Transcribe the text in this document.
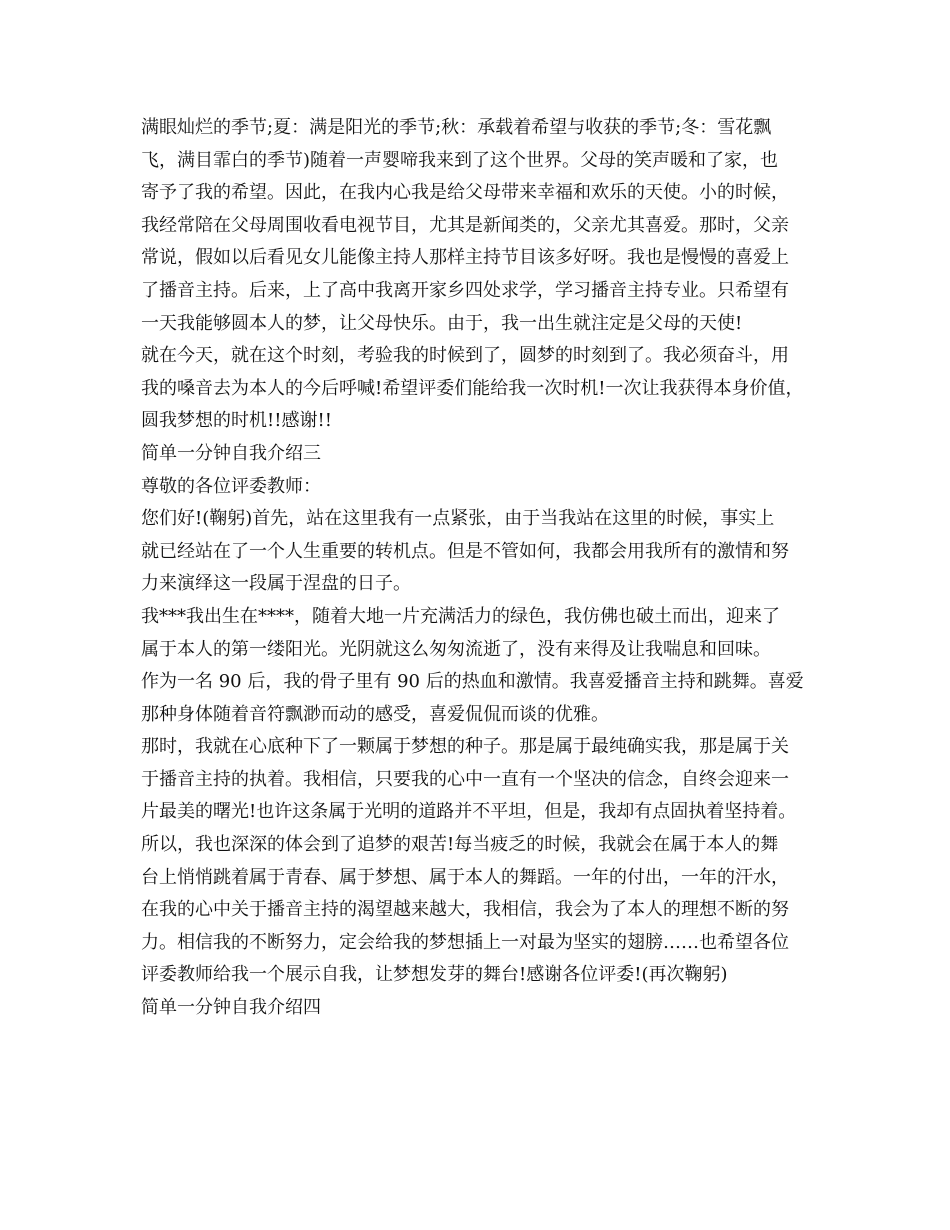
满眼灿烂的季节;夏：满是阳光的季节;秋：承载着希望与收获的季节;冬：雪花飘
飞，满目霏白的季节)随着一声婴啼我来到了这个世界。父母的笑声暖和了家，也
寄予了我的希望。因此，在我内心我是给父母带来幸福和欢乐的天使。小的时候，
我经常陪在父母周围收看电视节目，尤其是新闻类的，父亲尤其喜爱。那时，父亲
常说，假如以后看见女儿能像主持人那样主持节目该多好呀。我也是慢慢的喜爱上
了播音主持。后来，上了高中我离开家乡四处求学，学习播音主持专业。只希望有
一天我能够圆本人的梦，让父母快乐。由于，我一出生就注定是父母的天使!
就在今天，就在这个时刻，考验我的时候到了，圆梦的时刻到了。我必须奋斗，用
我的嗓音去为本人的今后呼喊!希望评委们能给我一次时机!一次让我获得本身价值，
圆我梦想的时机!!感谢!!
简单一分钟自我介绍三
尊敬的各位评委教师：
您们好!(鞠躬)首先，站在这里我有一点紧张，由于当我站在这里的时候，事实上
就已经站在了一个人生重要的转机点。但是不管如何，我都会用我所有的激情和努
力来演绎这一段属于涅盘的日子。
我***我出生在****，随着大地一片充满活力的绿色，我仿佛也破土而出，迎来了
属于本人的第一缕阳光。光阴就这么匆匆流逝了，没有来得及让我喘息和回味。
作为一名 90 后，我的骨子里有 90 后的热血和激情。我喜爱播音主持和跳舞。喜爱
那种身体随着音符飘渺而动的感受，喜爱侃侃而谈的优雅。
那时，我就在心底种下了一颗属于梦想的种子。那是属于最纯确实我，那是属于关
于播音主持的执着。我相信，只要我的心中一直有一个坚决的信念，自终会迎来一
片最美的曙光!也许这条属于光明的道路并不平坦，但是，我却有点固执着坚持着。
所以，我也深深的体会到了追梦的艰苦!每当疲乏的时候，我就会在属于本人的舞
台上悄悄跳着属于青春、属于梦想、属于本人的舞蹈。一年的付出，一年的汗水，
在我的心中关于播音主持的渴望越来越大，我相信，我会为了本人的理想不断的努
力。相信我的不断努力，定会给我的梦想插上一对最为坚实的翅膀……也希望各位
评委教师给我一个展示自我，让梦想发芽的舞台!感谢各位评委!(再次鞠躬)
简单一分钟自我介绍四
